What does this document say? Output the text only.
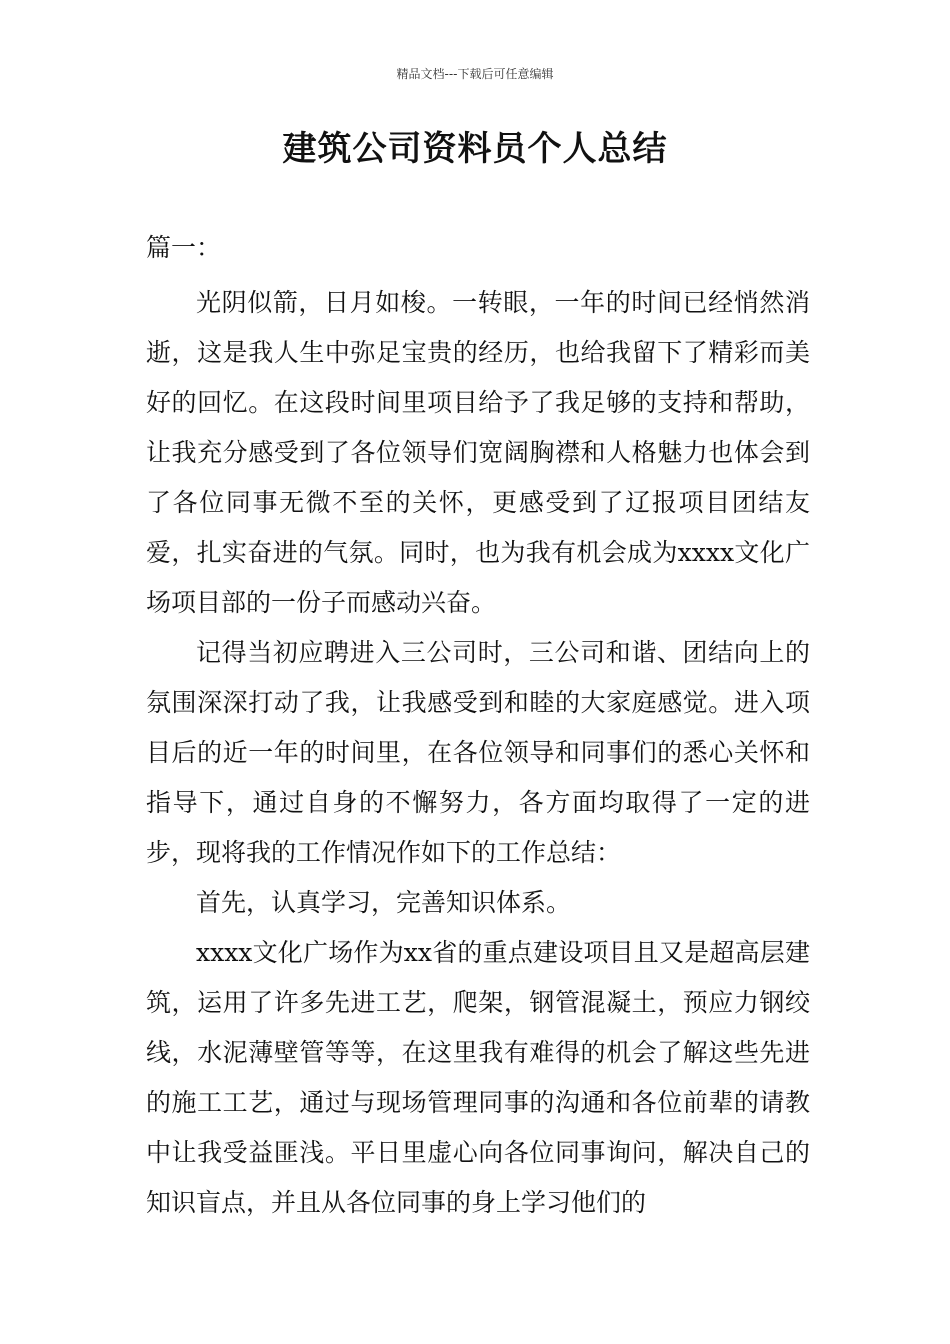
精品文档---下载后可任意编辑
建筑公司资料员个人总结

篇一：

光阴似箭，日月如梭。一转眼，一年的时间已经悄然消逝，这是我人生中弥足宝贵的经历，也给我留下了精彩而美好的回忆。在这段时间里项目给予了我足够的支持和帮助，让我充分感受到了各位领导们宽阔胸襟和人格魅力也体会到了各位同事无微不至的关怀，更感受到了辽报项目团结友爱，扎实奋进的气氛。同时，也为我有机会成为xxxx文化广场项目部的一份子而感动兴奋。

记得当初应聘进入三公司时，三公司和谐、团结向上的氛围深深打动了我，让我感受到和睦的大家庭感觉。进入项目后的近一年的时间里，在各位领导和同事们的悉心关怀和指导下，通过自身的不懈努力，各方面均取得了一定的进步，现将我的工作情况作如下的工作总结：

首先，认真学习，完善知识体系。

xxxx文化广场作为xx省的重点建设项目且又是超高层建筑，运用了许多先进工艺，爬架，钢管混凝土，预应力钢绞线，水泥薄壁管等等，在这里我有难得的机会了解这些先进的施工工艺，通过与现场管理同事的沟通和各位前辈的请教中让我受益匪浅。平日里虚心向各位同事询问，解决自己的知识盲点，并且从各位同事的身上学习他们的
